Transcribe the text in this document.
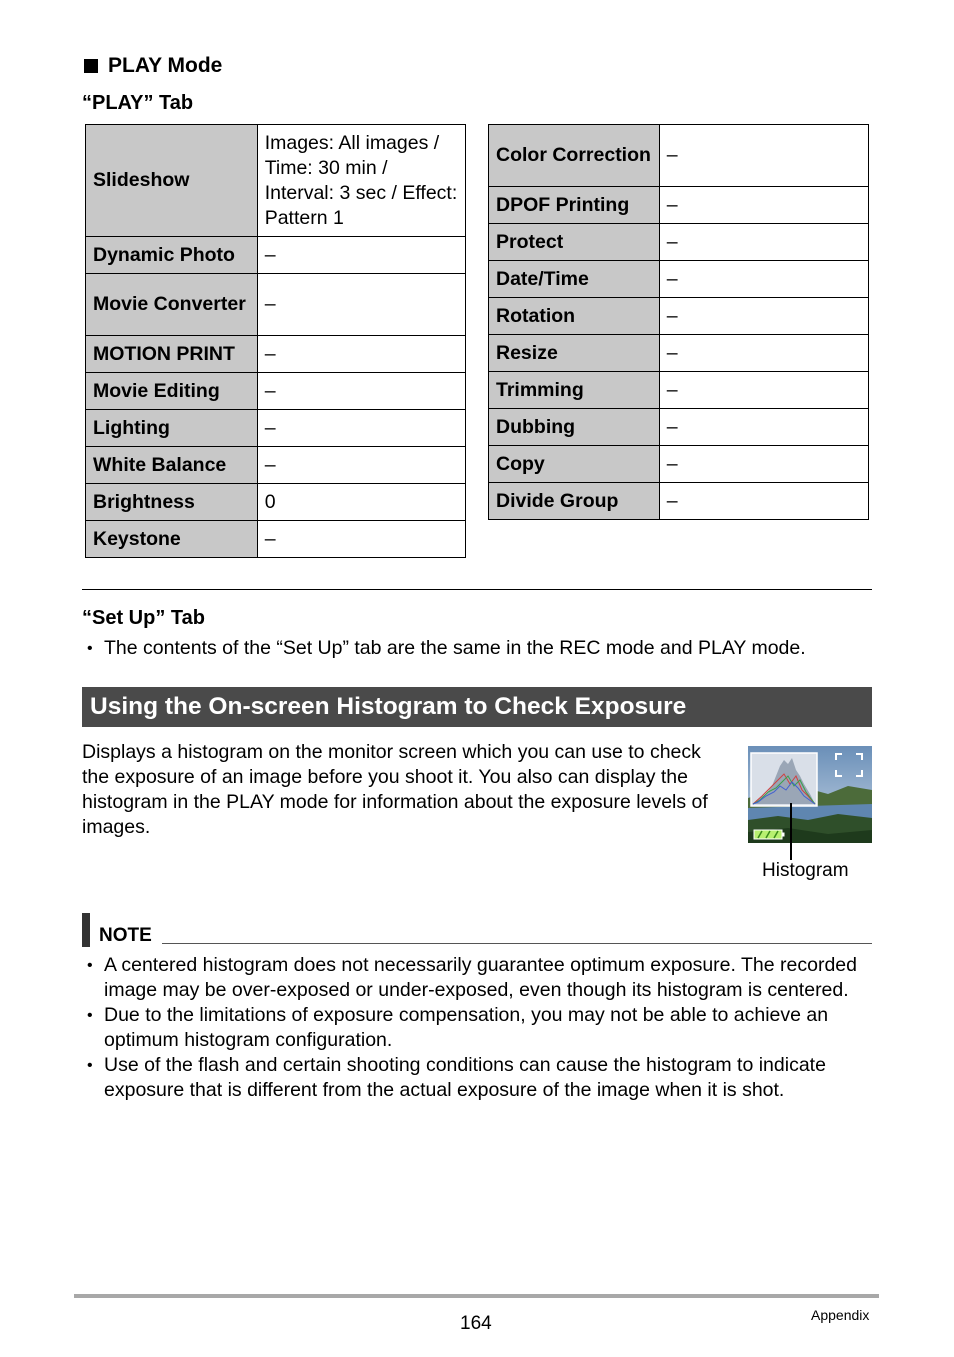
PLAY Mode
“PLAY” Tab
Slideshow	Images: All images / Time: 30 min / Interval: 3 sec / Effect: Pattern 1
Dynamic Photo	–
Movie Converter	–
MOTION PRINT	–
Movie Editing	–
Lighting	–
White Balance	–
Brightness	0
Keystone	–
Color Correction	–
DPOF Printing	–
Protect	–
Date/Time	–
Rotation	–
Resize	–
Trimming	–
Dubbing	–
Copy	–
Divide Group	–
“Set Up” Tab
• The contents of the “Set Up” tab are the same in the REC mode and PLAY mode.
Using the On-screen Histogram to Check Exposure
Displays a histogram on the monitor screen which you can use to check the exposure of an image before you shoot it. You also can display the histogram in the PLAY mode for information about the exposure levels of images.
Histogram
NOTE
• A centered histogram does not necessarily guarantee optimum exposure. The recorded image may be over-exposed or under-exposed, even though its histogram is centered.
• Due to the limitations of exposure compensation, you may not be able to achieve an optimum histogram configuration.
• Use of the flash and certain shooting conditions can cause the histogram to indicate exposure that is different from the actual exposure of the image when it is shot.
164	Appendix
